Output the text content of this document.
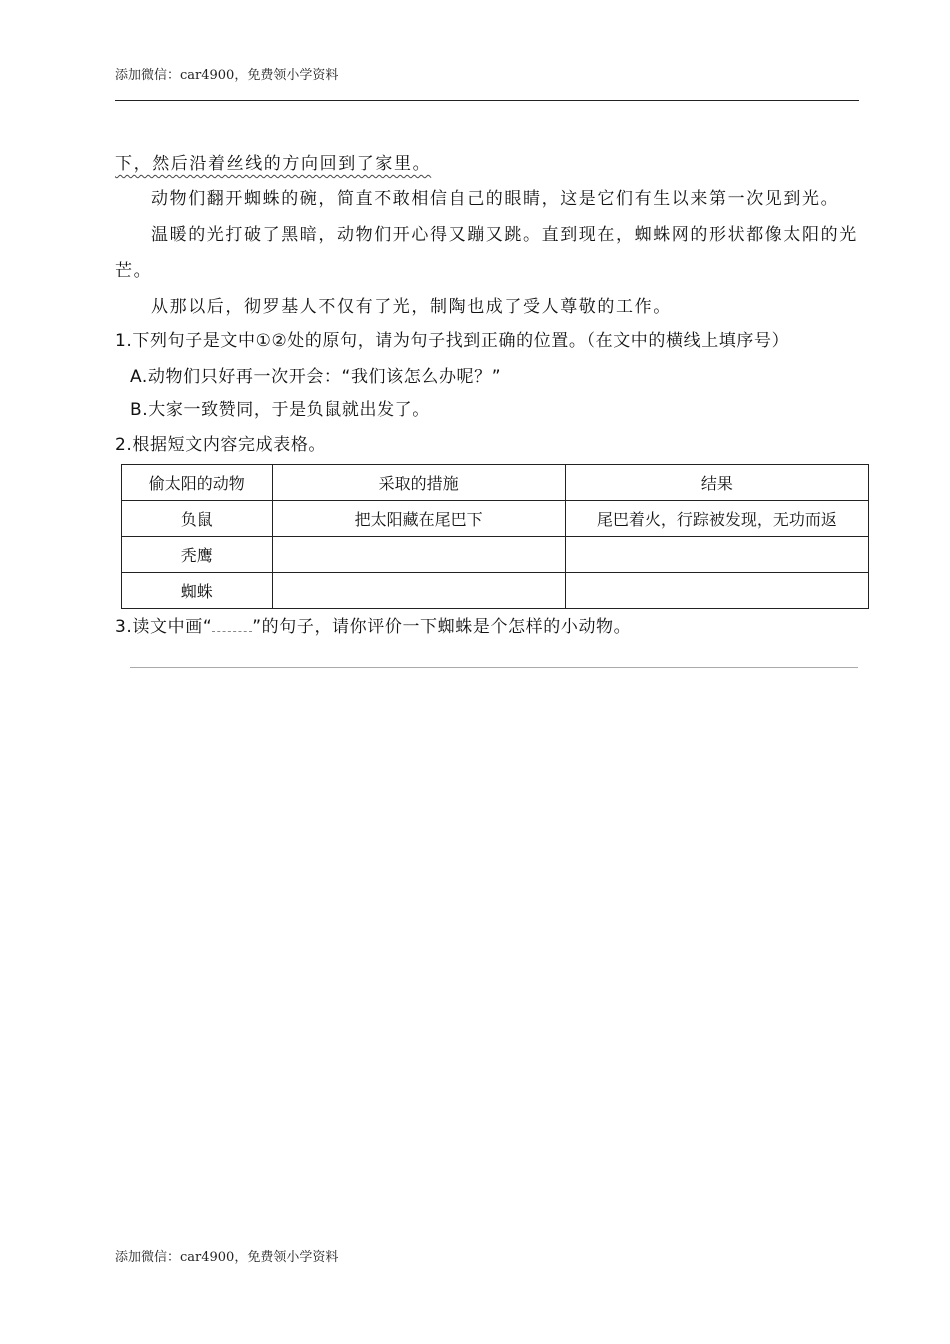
添加微信：car4900，免费领小学资料
下，然后沿着丝线的方向回到了家里。
动物们翻开蜘蛛的碗，简直不敢相信自己的眼睛，这是它们有生以来第一次见到光。
温暖的光打破了黑暗，动物们开心得又蹦又跳。直到现在，蜘蛛网的形状都像太阳的光
芒。
从那以后，彻罗基人不仅有了光，制陶也成了受人尊敬的工作。
1.下列句子是文中①②处的原句，请为句子找到正确的位置。（在文中的横线上填序号）
A.动物们只好再一次开会：“我们该怎么办呢？”
B.大家一致赞同，于是负鼠就出发了。
2.根据短文内容完成表格。
偷太阳的动物	采取的措施	结果
负鼠	把太阳藏在尾巴下	尾巴着火，行踪被发现，无功而返
秃鹰		
蜘蛛		
3.读文中画“ ”的句子，请你评价一下蜘蛛是个怎样的小动物。
添加微信：car4900，免费领小学资料
